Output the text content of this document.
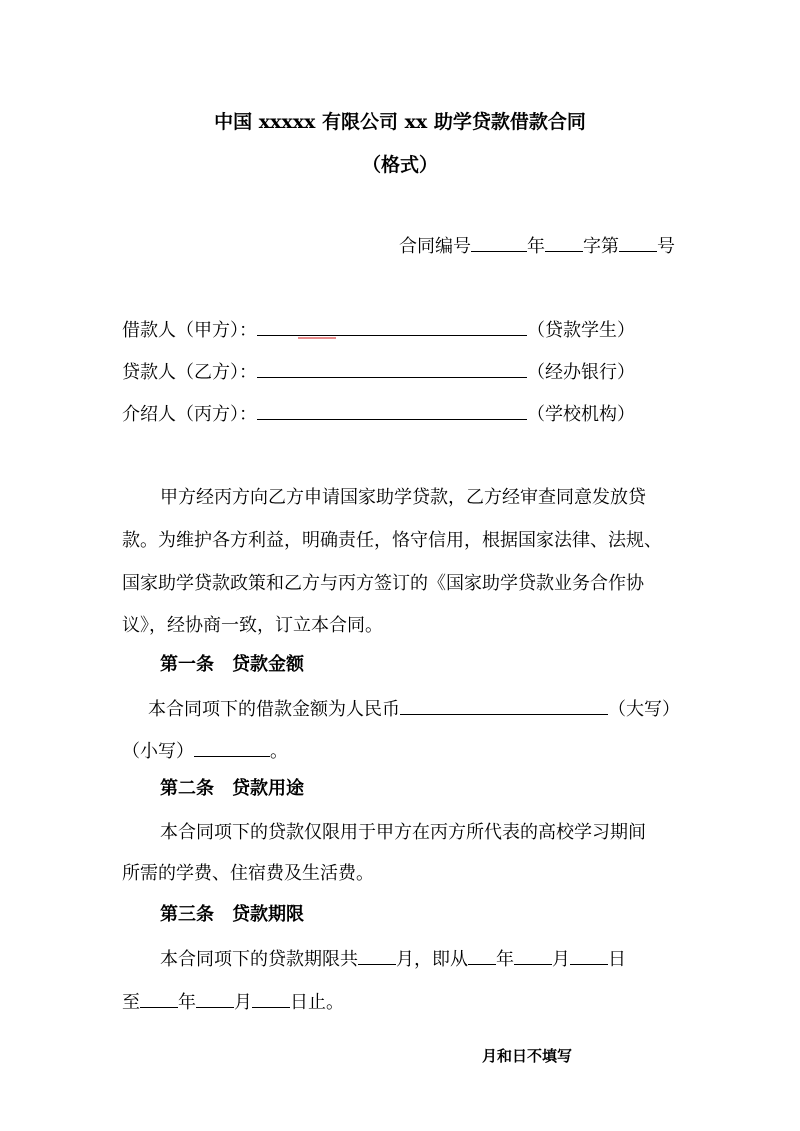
中国 xxxxx 有限公司 xx 助学贷款借款合同
（格式）
合同编号	年 字第 号
借款人（甲方）：	（贷款学生）
贷款人（乙方）：	（经办银行）
介绍人（丙方）：	（学校机构）
甲方经丙方向乙方申请国家助学贷款，乙方经审查同意发放贷
款。为维护各方利益，明确责任，恪守信用，根据国家法律、法规、
国家助学贷款政策和乙方与丙方签订的《国家助学贷款业务合作协
议》，经协商一致，订立本合同。
第一条　贷款金额
本合同项下的借款金额为人民币	（大写）
（小写）	。
第二条　贷款用途
本合同项下的贷款仅限用于甲方在丙方所代表的高校学习期间
所需的学费、住宿费及生活费。
第三条　贷款期限
本合同项下的贷款期限共 月，即从 年 月 日
至 年 月 日止。
月和日不填写
